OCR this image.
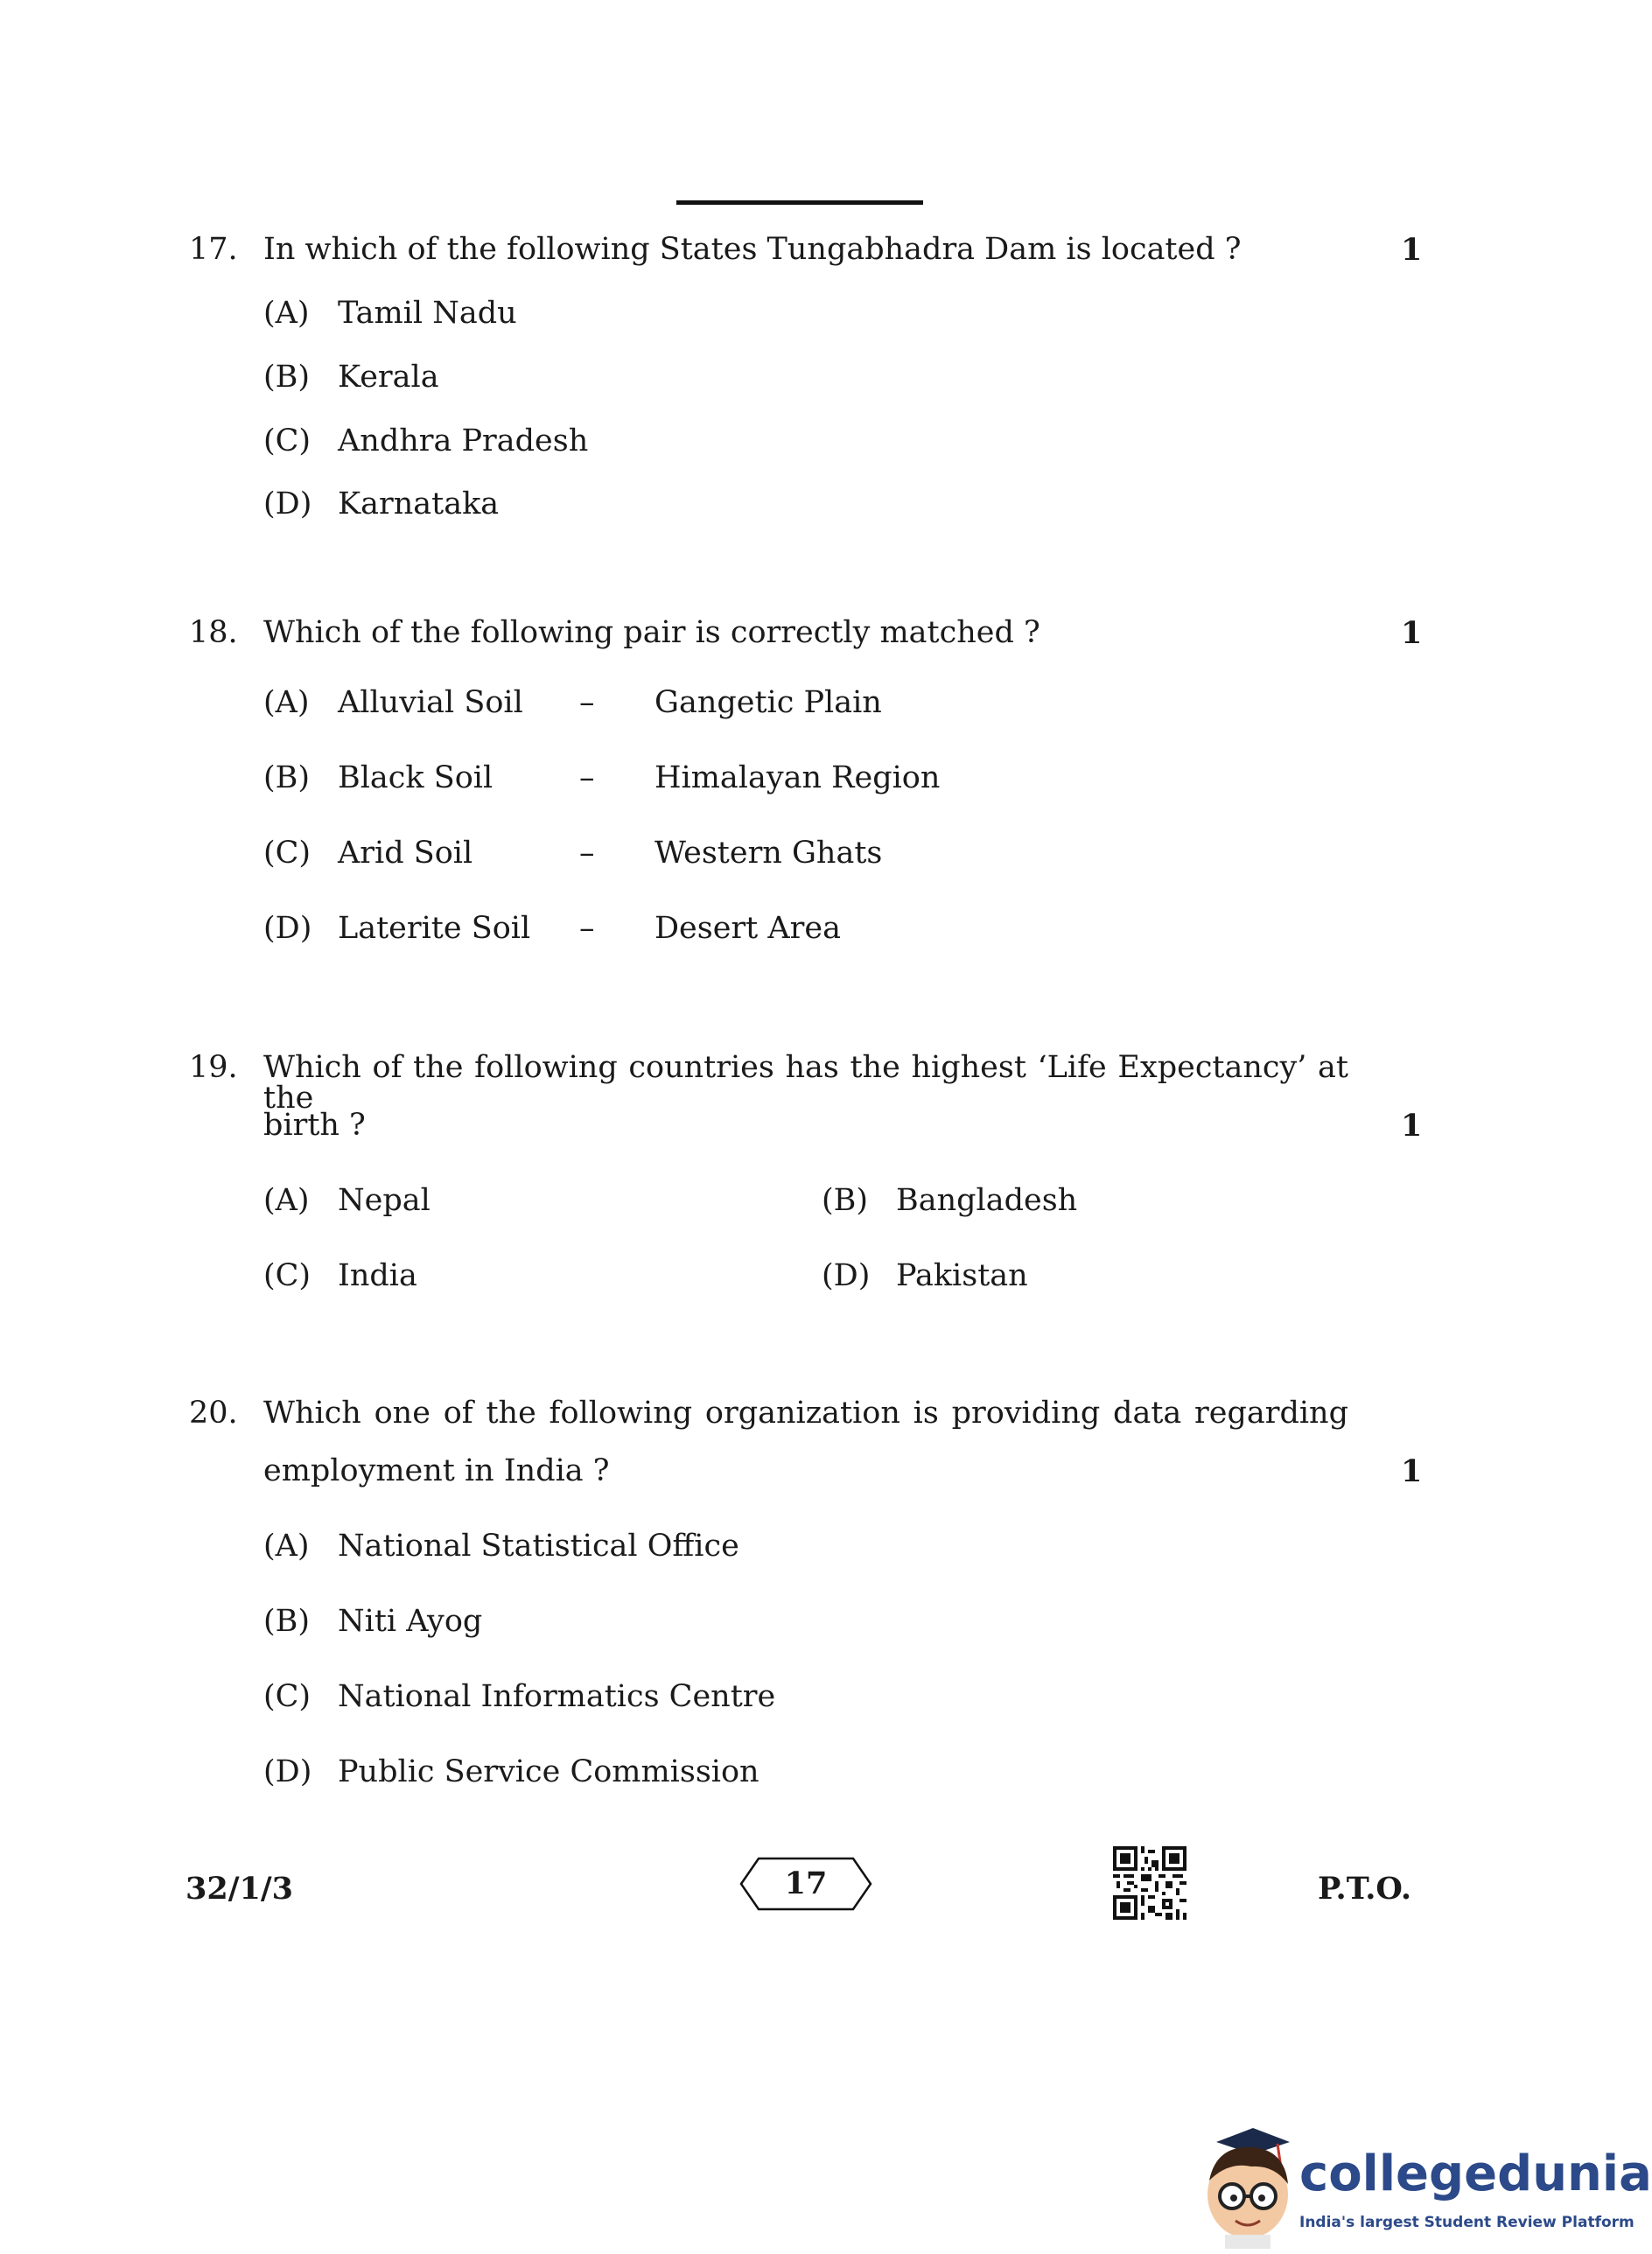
17. In which of the following States Tungabhadra Dam is located ?	1
(A) Tamil Nadu
(B) Kerala
(C) Andhra Pradesh
(D) Karnataka
18. Which of the following pair is correctly matched ?	1
(A) Alluvial Soil – Gangetic Plain
(B) Black Soil	– Himalayan Region
(C) Arid Soil	– Western Ghats
(D) Laterite Soil – Desert Area
19. Which of the following countries has the highest ‘Life Expectancy’ at the
birth ?	1
(A) Nepal	(B) Bangladesh
(C) India	(D) Pakistan
20. Which one of the following organization is providing data regarding
employment in India ?	1
(A) National Statistical Office
(B) Niti Ayog
(C) National Informatics Centre
(D) Public Service Commission
32/1/3	17	P.T.O.
collegedunia
India's largest Student Review Platform
